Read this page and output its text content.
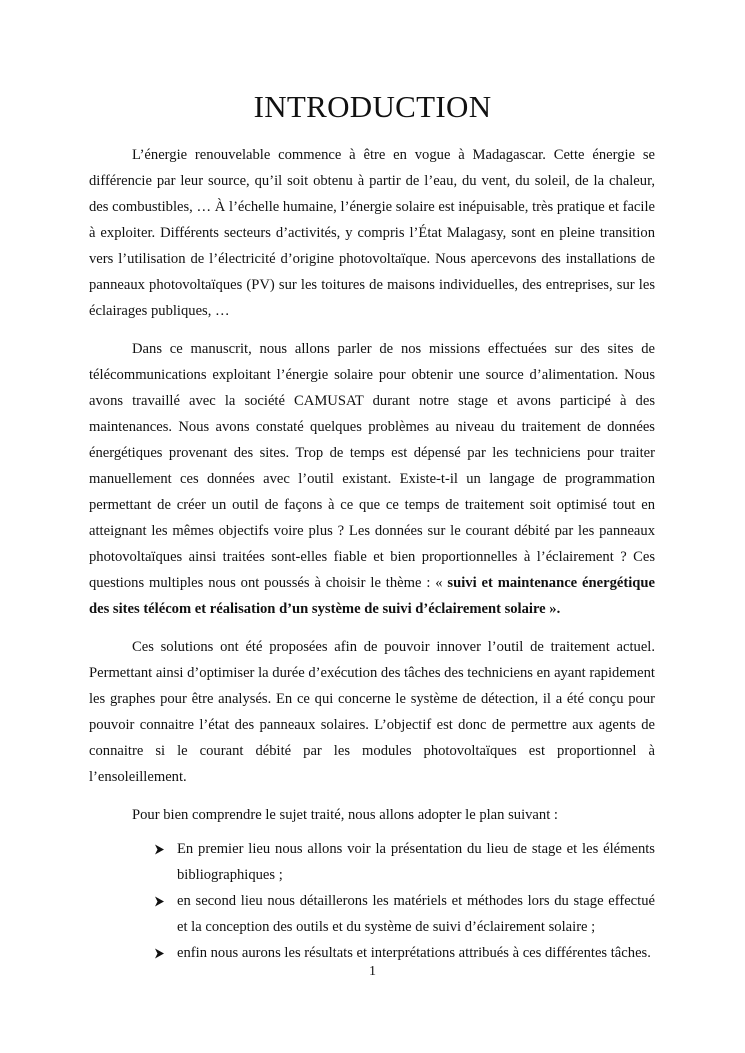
INTRODUCTION

L’énergie renouvelable commence à être en vogue à Madagascar. Cette énergie se différencie par leur source, qu’il soit obtenu à partir de l’eau, du vent, du soleil, de la chaleur, des combustibles, … À l’échelle humaine, l’énergie solaire est inépuisable, très pratique et facile à exploiter. Différents secteurs d’activités, y compris l’État Malagasy, sont en pleine transition vers l’utilisation de l’électricité d’origine photovoltaïque. Nous apercevons des installations de panneaux photovoltaïques (PV) sur les toitures de maisons individuelles, des entreprises, sur les éclairages publiques, …

Dans ce manuscrit, nous allons parler de nos missions effectuées sur des sites de télécommunications exploitant l’énergie solaire pour obtenir une source d’alimentation. Nous avons travaillé avec la société CAMUSAT durant notre stage et avons participé à des maintenances. Nous avons constaté quelques problèmes au niveau du traitement de données énergétiques provenant des sites. Trop de temps est dépensé par les techniciens pour traiter manuellement ces données avec l’outil existant. Existe-t-il un langage de programmation permettant de créer un outil de façons à ce que ce temps de traitement soit optimisé tout en atteignant les mêmes objectifs voire plus ? Les données sur le courant débité par les panneaux photovoltaïques ainsi traitées sont-elles fiable et bien proportionnelles à l’éclairement ? Ces questions multiples nous ont poussés à choisir le thème : « suivi et maintenance énergétique des sites télécom et réalisation d’un système de suivi d’éclairement solaire ».

Ces solutions ont été proposées afin de pouvoir innover l’outil de traitement actuel. Permettant ainsi d’optimiser la durée d’exécution des tâches des techniciens en ayant rapidement les graphes pour être analysés. En ce qui concerne le système de détection, il a été conçu pour pouvoir connaitre l’état des panneaux solaires. L’objectif est donc de permettre aux agents de connaitre si le courant débité par les modules photovoltaïques est proportionnel à l’ensoleillement.

Pour bien comprendre le sujet traité, nous allons adopter le plan suivant :

En premier lieu nous allons voir la présentation du lieu de stage et les éléments bibliographiques ;
en second lieu nous détaillerons les matériels et méthodes lors du stage effectué et la conception des outils et du système de suivi d’éclairement solaire ;
enfin nous aurons les résultats et interprétations attribués à ces différentes tâches.
1
